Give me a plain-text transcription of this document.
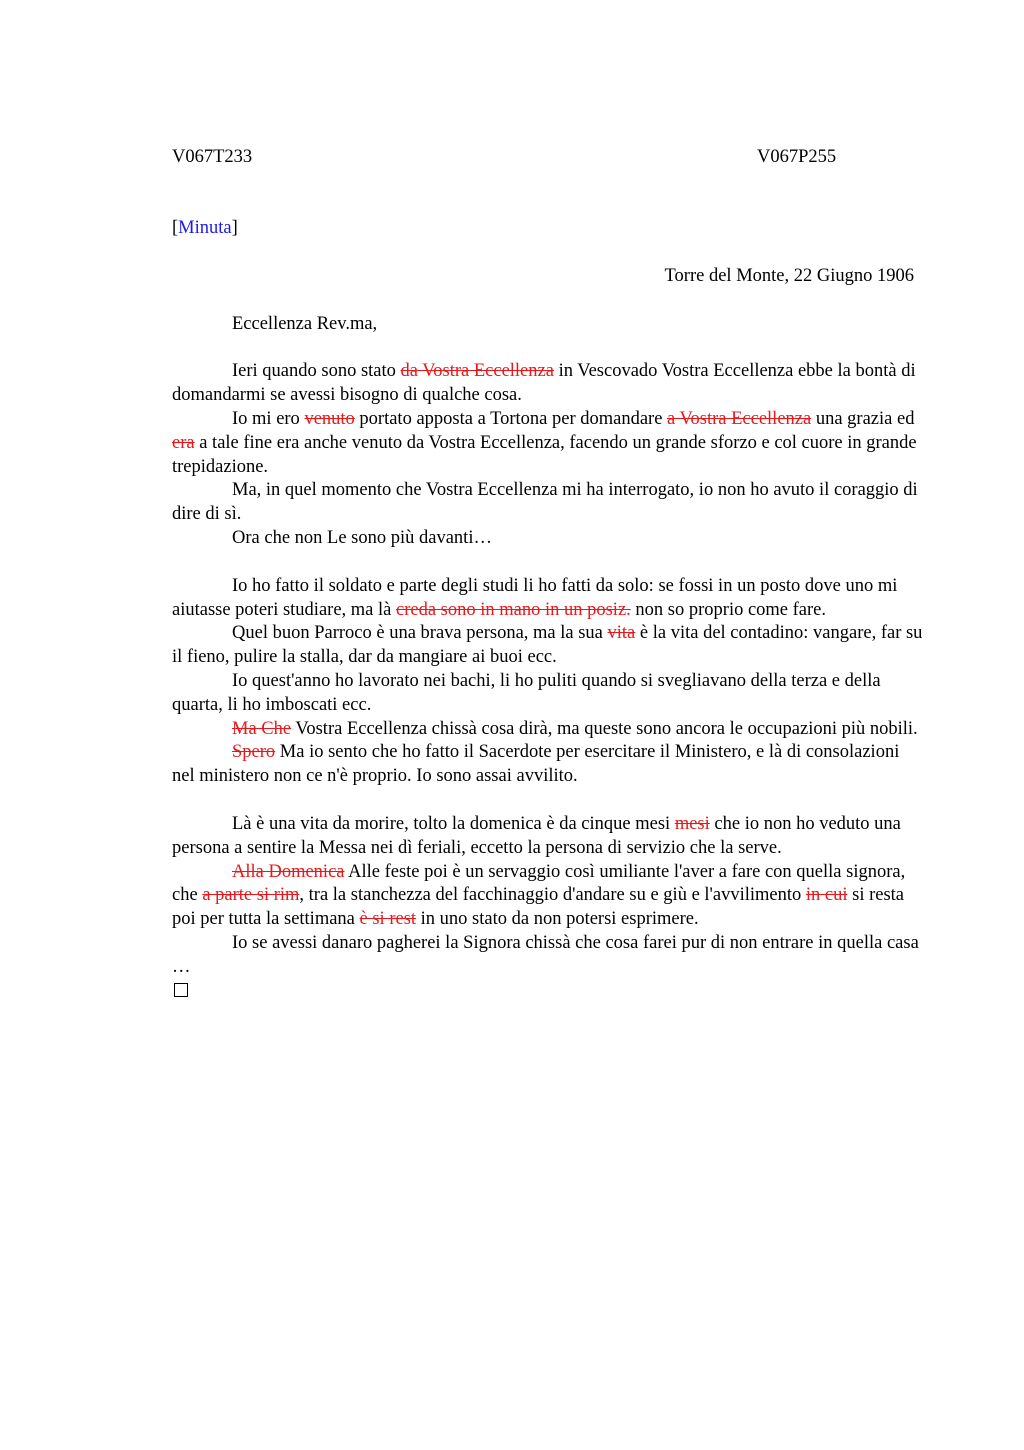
V067T233	V067P255
[Minuta]
Torre del Monte, 22 Giugno 1906
Eccellenza Rev.ma,

Ieri quando sono stato da Vostra Eccellenza in Vescovado Vostra Eccellenza ebbe la bontà di domandarmi se avessi bisogno di qualche cosa.

Io mi ero venuto portato apposta a Tortona per domandare a Vostra Eccellenza una grazia ed era a tale fine era anche venuto da Vostra Eccellenza, facendo un grande sforzo e col cuore in grande trepidazione.

Ma, in quel momento che Vostra Eccellenza mi ha interrogato, io non ho avuto il coraggio di dire di sì.

Ora che non Le sono più davanti…

Io ho fatto il soldato e parte degli studi li ho fatti da solo: se fossi in un posto dove uno mi aiutasse poteri studiare, ma là creda sono in mano in un posiz. non so proprio come fare.

Quel buon Parroco è una brava persona, ma la sua vita è la vita del contadino: vangare, far su il fieno, pulire la stalla, dar da mangiare ai buoi ecc.

Io quest'anno ho lavorato nei bachi, li ho puliti quando si svegliavano della terza e della quarta, li ho imboscati ecc.

Ma Che Vostra Eccellenza chissà cosa dirà, ma queste sono ancora le occupazioni più nobili.

Spero Ma io sento che ho fatto il Sacerdote per esercitare il Ministero, e là di consolazioni nel ministero non ce n'è proprio. Io sono assai avvilito.

Là è una vita da morire, tolto la domenica è da cinque mesi mesi che io non ho veduto una persona a sentire la Messa nei dì feriali, eccetto la persona di servizio che la serve.

Alla Domenica Alle feste poi è un servaggio così umiliante l'aver a fare con quella signora, che a parte si rim, tra la stanchezza del facchinaggio d'andare su e giù e l'avvilimento in cui si resta poi per tutta la settimana è si rest in uno stato da non potersi esprimere.

Io se avessi danaro pagherei la Signora chissà che cosa farei pur di non entrare in quella casa …
